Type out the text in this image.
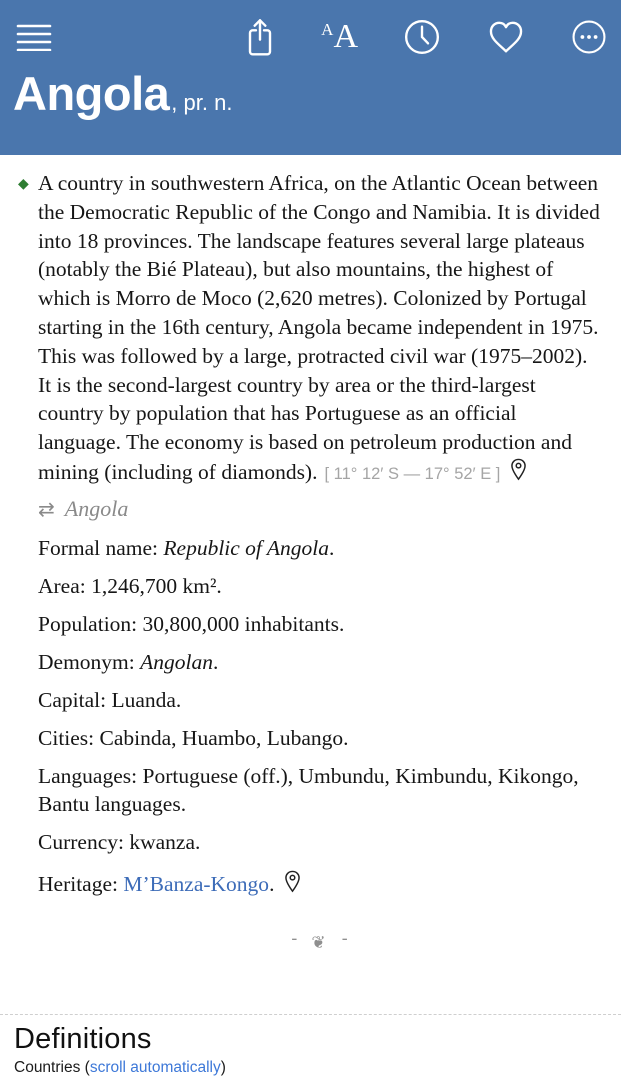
A A
Angola , pr. n.

◆ A country in southwestern Africa, on the Atlantic Ocean between the Democratic Republic of the Congo and Namibia. It is divided into 18 provinces. The landscape features several large plateaus (notably the Bié Plateau), but also mountains, the highest of which is Morro de Moco (2,620 metres). Colonized by Portugal starting in the 16th century, Angola became independent in 1975. This was followed by a large, protracted civil war (1975–2002). It is the second-largest country by area or the third-largest country by population that has Portuguese as an official language. The economy is based on petroleum production and mining (including of diamonds). [ 11° 12′ S — 17° 52′ E ]

⇄ Angola

Formal name: Republic of Angola.

Area: 1,246,700 km².

Population: 30,800,000 inhabitants.

Demonym: Angolan.

Capital: Luanda.

Cities: Cabinda, Huambo, Lubango.

Languages: Portuguese (off.), Umbundu, Kimbundu, Kikongo, Bantu languages.

Currency: kwanza.

Heritage: M’Banza-Kongo.

- ❦ -
Definitions
Countries (scroll automatically)
